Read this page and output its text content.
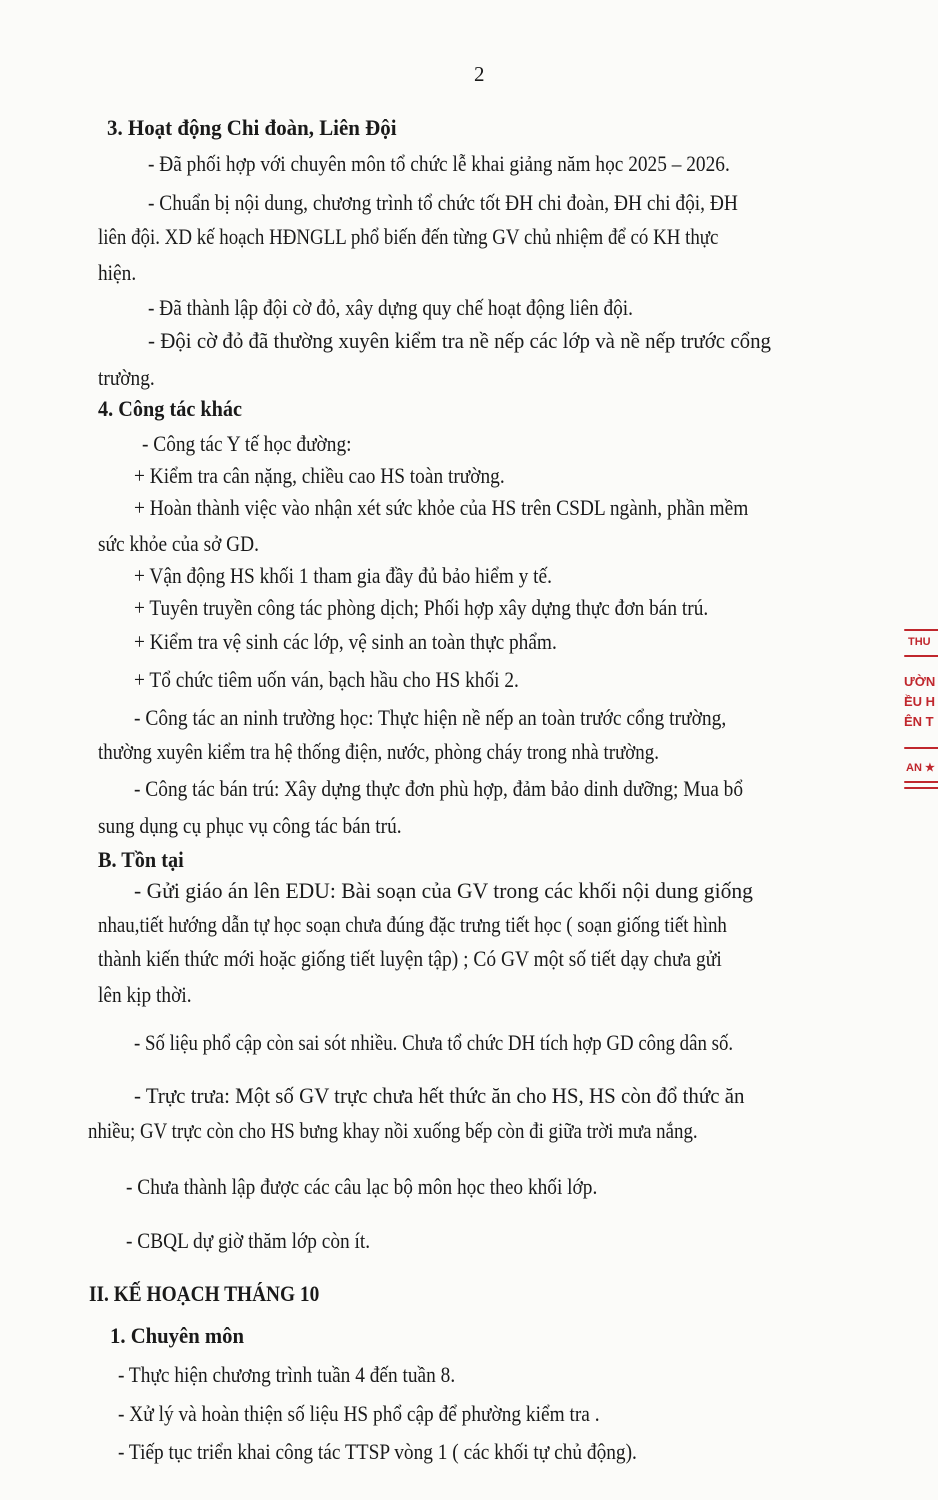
2
3. Hoạt động Chi đoàn, Liên Đội
- Đã phối hợp với chuyên môn tổ chức lễ khai giảng năm học 2025 – 2026.
- Chuẩn bị nội dung, chương trình tổ chức tốt ĐH chi đoàn, ĐH chi đội, ĐH
liên đội. XD kế hoạch HĐNGLL phổ biến đến từng GV chủ nhiệm để có KH thực
hiện.
- Đã thành lập đội cờ đỏ, xây dựng quy chế hoạt động liên đội.
- Đội cờ đỏ đã thường xuyên kiểm tra nề nếp các lớp và nề nếp trước cổng
trường.
4. Công tác khác
- Công tác Y tế học đường:
+ Kiểm tra cân nặng, chiều cao HS toàn trường.
+ Hoàn thành việc vào nhận xét sức khỏe của HS trên CSDL ngành, phần mềm
sức khỏe của sở GD.
+ Vận động HS khối 1 tham gia đầy đủ bảo hiểm y tế.
+ Tuyên truyền công tác phòng dịch; Phối hợp xây dựng thực đơn bán trú.
+ Kiểm tra vệ sinh các lớp, vệ sinh an toàn thực phẩm.
+ Tổ chức tiêm uốn ván, bạch hầu cho HS khối 2.
- Công tác an ninh trường học: Thực hiện nề nếp an toàn trước cổng trường,
thường xuyên kiểm tra hệ thống điện, nước, phòng cháy trong nhà trường.
- Công tác bán trú: Xây dựng thực đơn phù hợp, đảm bảo dinh dưỡng; Mua bổ
sung dụng cụ phục vụ công tác bán trú.
B. Tồn tại
- Gửi giáo án lên EDU: Bài soạn của GV trong các khối nội dung giống
nhau,tiết hướng dẫn tự học soạn chưa đúng đặc trưng tiết học ( soạn giống tiết hình
thành kiến thức mới hoặc giống tiết luyện tập) ; Có GV một số tiết dạy chưa gửi
lên kịp thời.
- Số liệu phổ cập còn sai sót nhiều. Chưa tổ chức DH tích hợp GD công dân số.
- Trực trưa: Một số GV trực chưa hết thức ăn cho HS, HS còn đổ thức ăn
nhiều; GV trực còn cho HS bưng khay nồi xuống bếp còn đi giữa trời mưa nắng.
- Chưa thành lập được các câu lạc bộ môn học theo khối lớp.
- CBQL dự giờ thăm lớp còn ít.
II. KẾ HOẠCH THÁNG 10
1. Chuyên môn
- Thực hiện chương trình tuần 4 đến tuần 8.
- Xử lý và hoàn thiện số liệu HS phổ cập để phường kiểm tra .
- Tiếp tục triển khai công tác TTSP vòng 1 ( các khối tự chủ động).
THU
ƯỜN
ỀU H
ÊN T
AN ★
